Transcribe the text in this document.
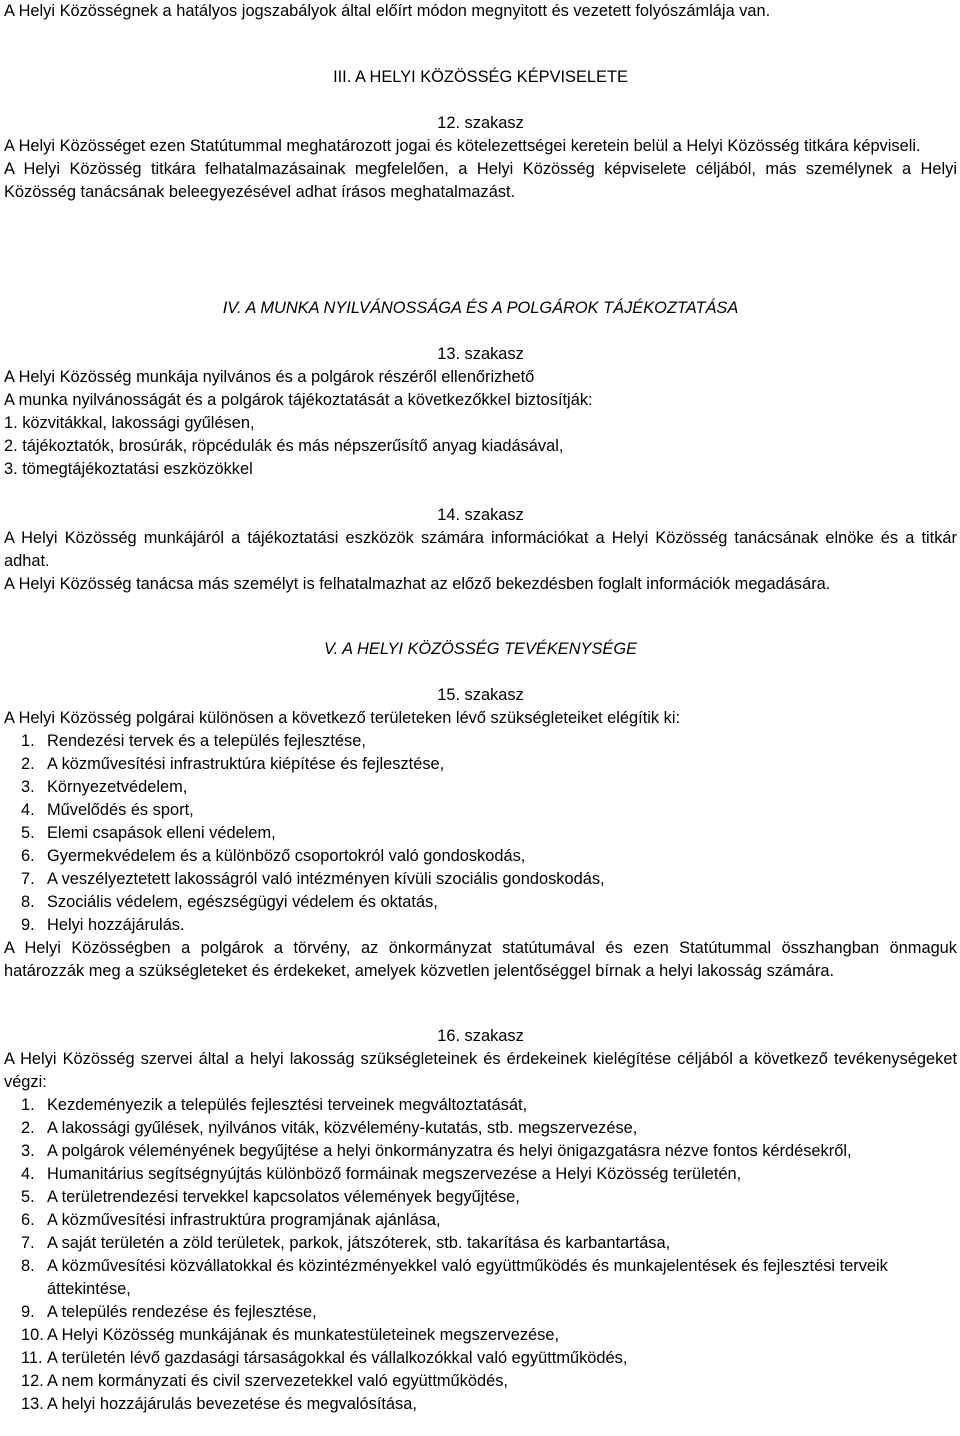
A Helyi Közösségnek a hatályos jogszabályok által előírt módon megnyitott és vezetett folyószámlája van.
III. A HELYI KÖZÖSSÉG KÉPVISELETE
12. szakasz

A Helyi Közösséget ezen Statútummal meghatározott jogai és kötelezettségei keretein belül a Helyi Közösség titkára képviseli.

A Helyi Közösség titkára felhatalmazásainak megfelelően, a Helyi Közösség képviselete céljából, más személynek a Helyi Közösség tanácsának beleegyezésével adhat írásos meghatalmazást.

IV. A MUNKA NYILVÁNOSSÁGA ÉS A POLGÁROK TÁJÉKOZTATÁSA
13. szakasz
A Helyi Közösség munkája nyilvános és a polgárok részéről ellenőrizhető
A munka nyilvánosságát és a polgárok tájékoztatását a következőkkel biztosítják:
1. közvitákkal, lakossági gyűlésen,
2. tájékoztatók, brosúrák, röpcédulák és más népszerűsítő anyag kiadásával,
3. tömegtájékoztatási eszközökkel
14. szakasz

A Helyi Közösség munkájáról a tájékoztatási eszközök számára információkat a Helyi Közösség tanácsának elnöke és a titkár adhat.

A Helyi Közösség tanácsa más személyt is felhatalmazhat az előző bekezdésben foglalt információk megadására.

V. A HELYI KÖZÖSSÉG TEVÉKENYSÉGE
15. szakasz
A Helyi Közösség polgárai különösen a következő területeken lévő szükségleteiket elégítik ki:
1. Rendezési tervek és a település fejlesztése,
2. A közművesítési infrastruktúra kiépítése és fejlesztése,
3. Környezetvédelem,
4. Művelődés és sport,
5. Elemi csapások elleni védelem,
6. Gyermekvédelem és a különböző csoportokról való gondoskodás,
7. A veszélyeztetett lakosságról való intézményen kívüli szociális gondoskodás,
8. Szociális védelem, egészségügyi védelem és oktatás,
9. Helyi hozzájárulás.

A Helyi Közösségben a polgárok a törvény, az önkormányzat statútumával és ezen Statútummal összhangban önmaguk határozzák meg a szükségleteket és érdekeket, amelyek közvetlen jelentőséggel bírnak a helyi lakosság számára.

16. szakasz

A Helyi Közösség szervei által a helyi lakosság szükségleteinek és érdekeinek kielégítése céljából a következő tevékenységeket végzi:

1. Kezdeményezik a település fejlesztési terveinek megváltoztatását,
2. A lakossági gyűlések, nyilvános viták, közvélemény-kutatás, stb. megszervezése,
3. A polgárok véleményének begyűjtése a helyi önkormányzatra és helyi önigazgatásra nézve fontos kérdésekről,
4. Humanitárius segítségnyújtás különböző formáinak megszervezése a Helyi Közösség területén,
5. A területrendezési tervekkel kapcsolatos vélemények begyűjtése,
6. A közművesítési infrastruktúra programjának ajánlása,
7. A saját területén a zöld területek, parkok, játszóterek, stb. takarítása és karbantartása,
8. A közművesítési közvállatokkal és közintézményekkel való együttműködés és munkajelentések és fejlesztési terveik áttekintése,
9. A település rendezése és fejlesztése,
10. A Helyi Közösség munkájának és munkatestületeinek megszervezése,
11. A területén lévő gazdasági társaságokkal és vállalkozókkal való együttműködés,
12. A nem kormányzati és civil szervezetekkel való együttműködés,
13. A helyi hozzájárulás bevezetése és megvalósítása,
